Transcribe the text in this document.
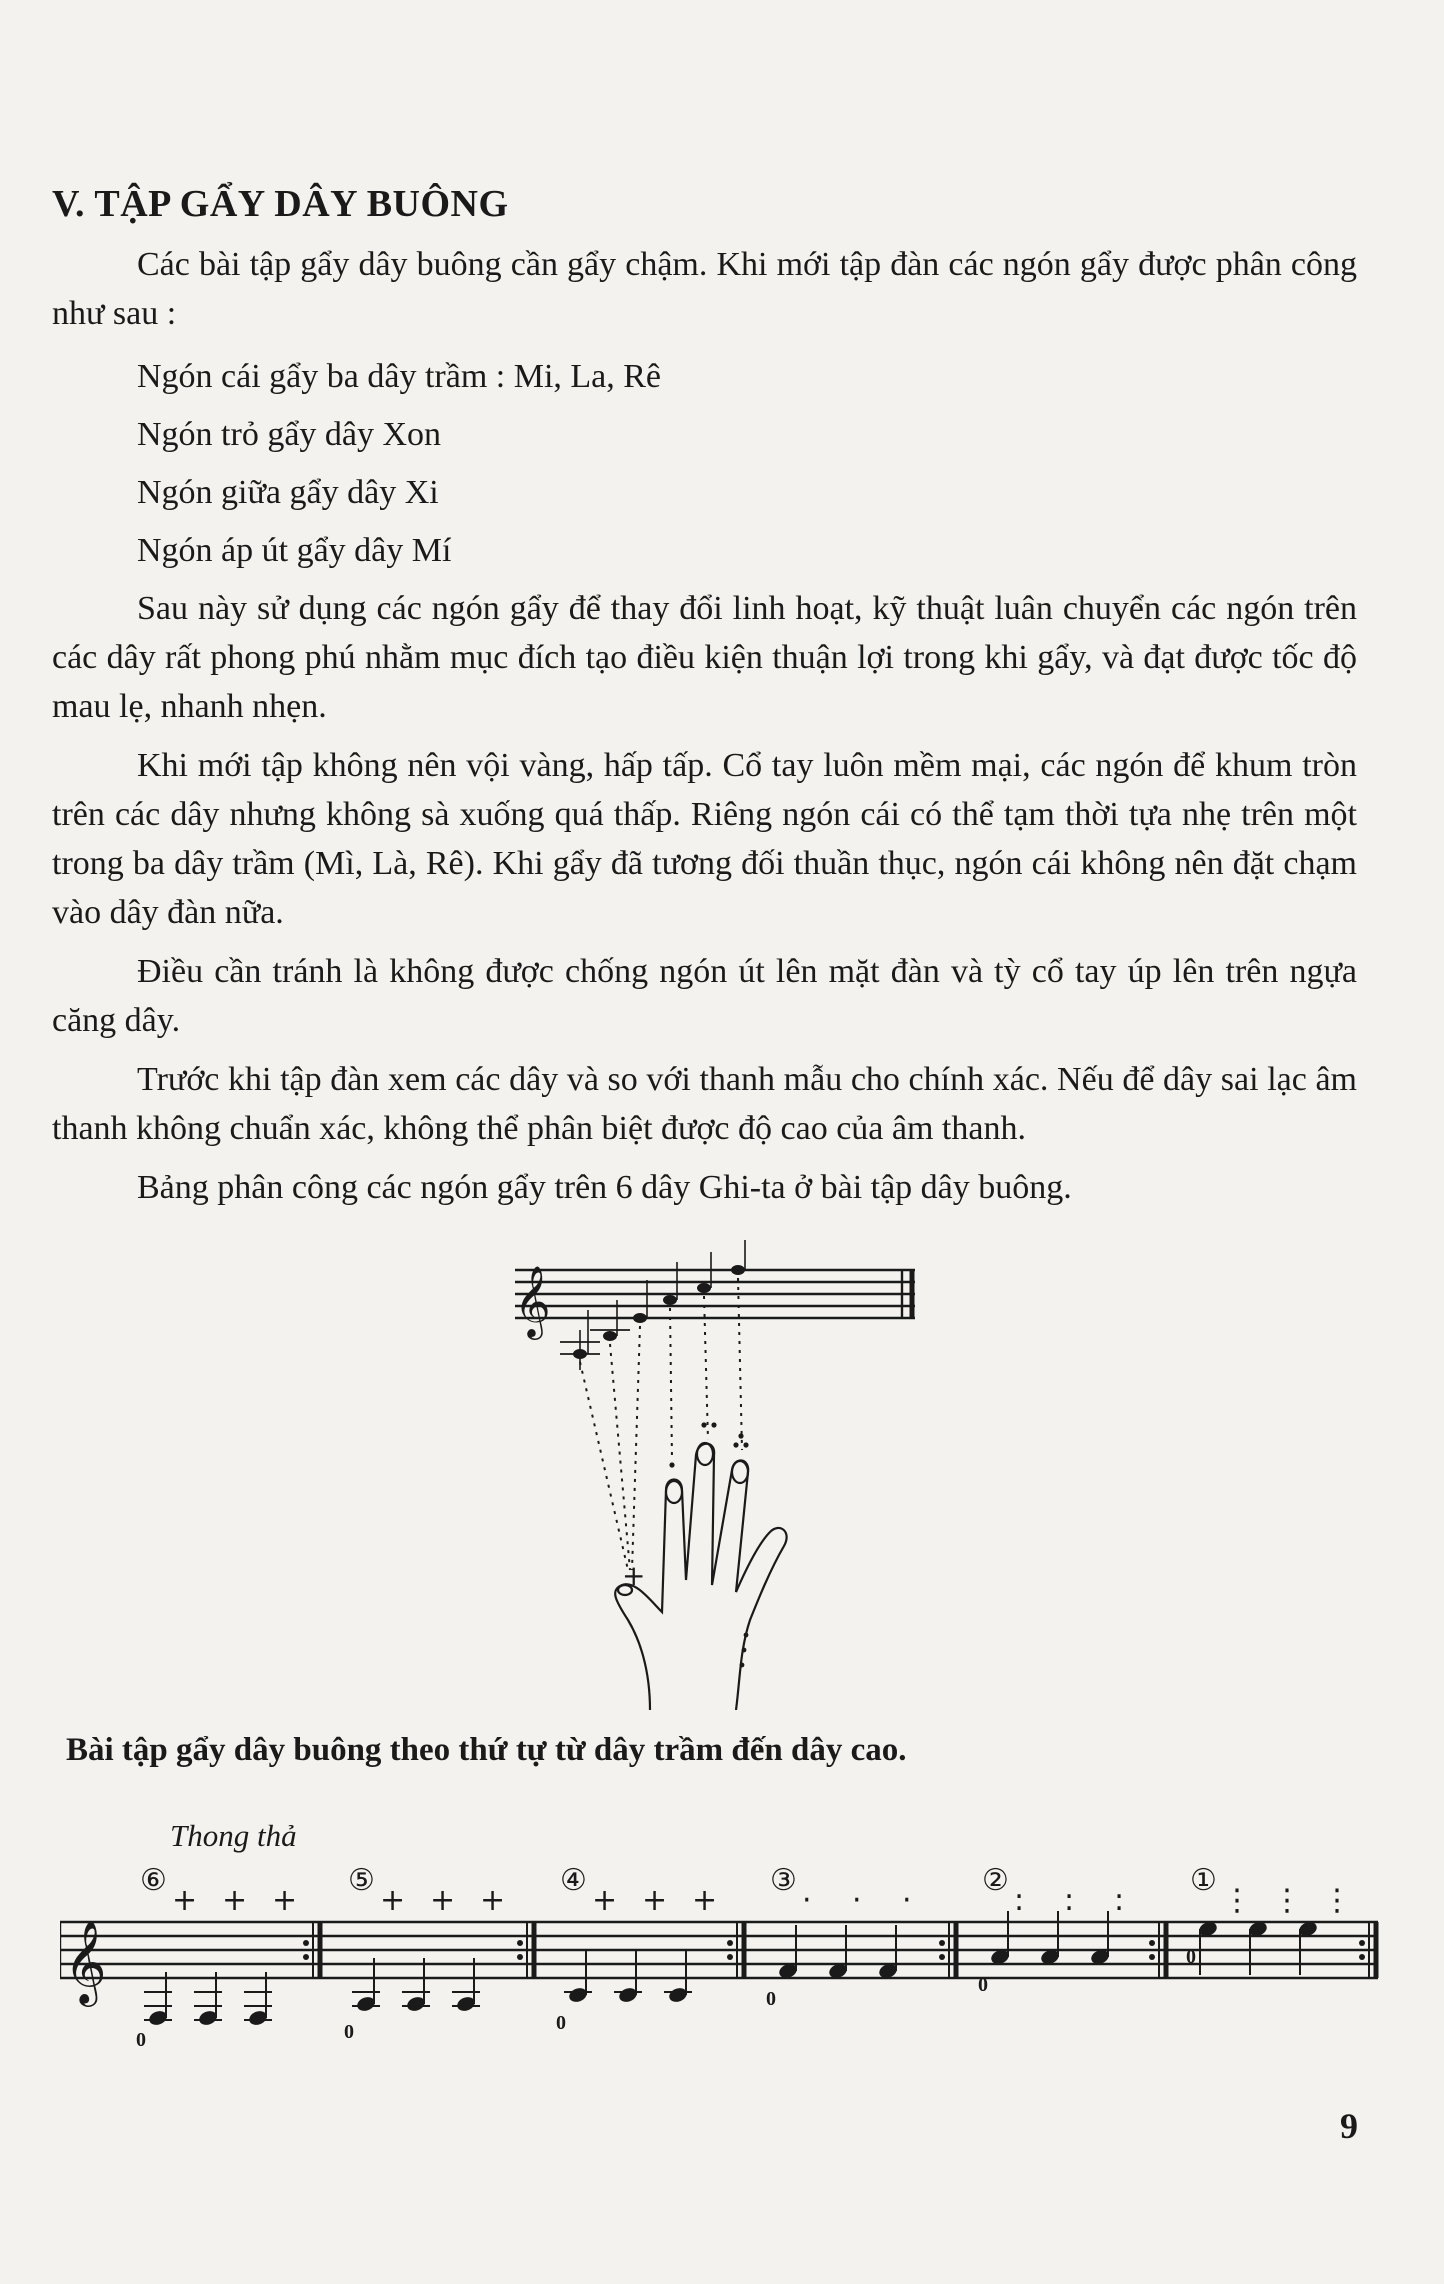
V. TẬP GẨY DÂY BUÔNG

Các bài tập gẩy dây buông cần gẩy chậm. Khi mới tập đàn các ngón gẩy được phân công như sau :

Ngón cái gẩy ba dây trầm : Mi, La, Rê

Ngón trỏ gẩy dây Xon

Ngón giữa gẩy dây Xi

Ngón áp út gẩy dây Mí

Sau này sử dụng các ngón gẩy để thay đổi linh hoạt, kỹ thuật luân chuyển các ngón trên các dây rất phong phú nhằm mục đích tạo điều kiện thuận lợi trong khi gẩy, và đạt được tốc độ mau lẹ, nhanh nhẹn.

Khi mới tập không nên vội vàng, hấp tấp. Cổ tay luôn mềm mại, các ngón để khum tròn trên các dây nhưng không sà xuống quá thấp. Riêng ngón cái có thể tạm thời tựa nhẹ trên một trong ba dây trầm (Mì, Là, Rê). Khi gẩy đã tương đối thuần thục, ngón cái không nên đặt chạm vào dây đàn nữa.

Điều cần tránh là không được chống ngón út lên mặt đàn và tỳ cổ tay úp lên trên ngựa căng dây.

Trước khi tập đàn xem các dây và so với thanh mẫu cho chính xác. Nếu để dây sai lạc âm thanh không chuẩn xác, không thể phân biệt được độ cao của âm thanh.

Bảng phân công các ngón gẩy trên 6 dây Ghi-ta ở bài tập dây buông.

𝄞
+
Bài tập gẩy dây buông theo thứ tự từ dây trầm đến dây cao.
Thong thả
𝄞
⑥
+ + +
0
⑤
+ + +
0
④
+ + +
0
③
· · ·
0
②
: : :
0
①
⋮ ⋮ ⋮
0
9
